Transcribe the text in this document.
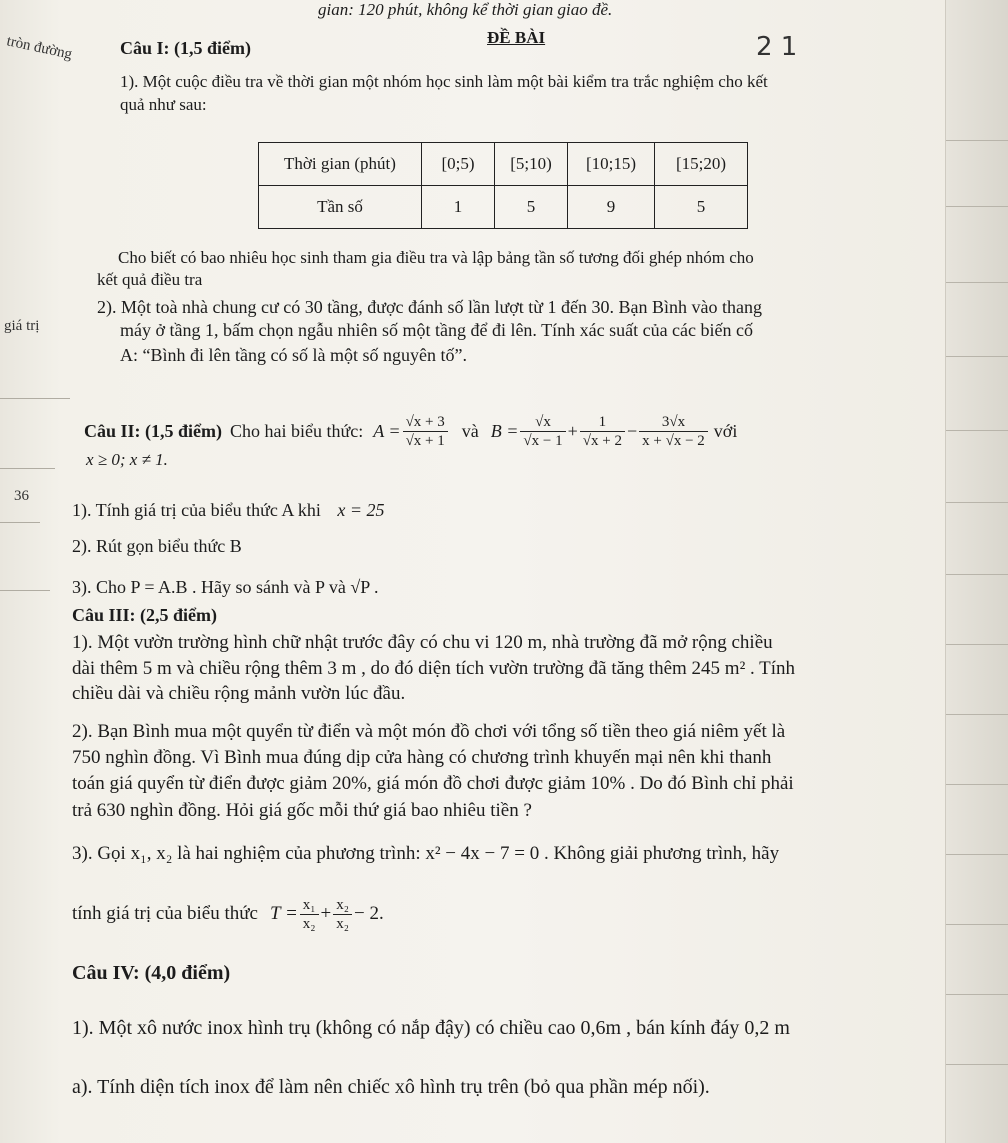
tròn đường
giá trị
36
gian: 120 phút, không kể thời gian giao đề.
ĐỀ BÀI	2 1
Câu I: (1,5 điểm)
1). Một cuộc điều tra về thời gian một nhóm học sinh làm một bài kiểm tra trắc nghiệm cho kết
quả như sau:
Thời gian (phút)	[0;5)	[5;10)	[10;15)	[15;20)
Tần số	1	5	9	5
Cho biết có bao nhiêu học sinh tham gia điều tra và lập bảng tần số tương đối ghép nhóm cho
kết quả điều tra
2). Một toà nhà chung cư có 30 tầng, được đánh số lần lượt từ 1 đến 30. Bạn Bình vào thang
máy ở tầng 1, bấm chọn ngẫu nhiên số một tầng để đi lên. Tính xác suất của các biến cố
A: “Bình đi lên tầng có số là một số nguyên tố”.
Câu II: (1,5 điểm) Cho hai biểu thức: $A = \frac{√x + 3}{√x + 1}$ và $B = \frac{√x}{√x - 1} + \frac{1}{√x + 2} - \frac{3√x}{x + √x - 2}$ với
x ≥ 0; x ≠ 1.
1). Tính giá trị của biểu thức A khi x = 25
2). Rút gọn biểu thức B
3). Cho P = A.B . Hãy so sánh và P và √P .
Câu III: (2,5 điểm)
1). Một vườn trường hình chữ nhật trước đây có chu vi 120 m, nhà trường đã mở rộng chiều
dài thêm 5 m và chiều rộng thêm 3 m , do đó diện tích vườn trường đã tăng thêm 245 m² . Tính
chiều dài và chiều rộng mảnh vườn lúc đầu.
2). Bạn Bình mua một quyển từ điển và một món đồ chơi với tổng số tiền theo giá niêm yết là
750 nghìn đồng. Vì Bình mua đúng dịp cửa hàng có chương trình khuyến mại nên khi thanh
toán giá quyển từ điển được giảm 20%, giá món đồ chơi được giảm 10% . Do đó Bình chỉ phải
trả 630 nghìn đồng. Hỏi giá gốc mỗi thứ giá bao nhiêu tiền ?
3). Gọi x₁, x₂ là hai nghiệm của phương trình: x² − 4x − 7 = 0 . Không giải phương trình, hãy
tính giá trị của biểu thức $T = \frac{\text{x₁}}{\text{x₂}} + \frac{\text{x₂}}{\text{x₂}} - 2$.
Câu IV: (4,0 điểm)
1). Một xô nước inox hình trụ (không có nắp đậy) có chiều cao 0,6m , bán kính đáy 0,2 m
a). Tính diện tích inox để làm nên chiếc xô hình trụ trên (bỏ qua phần mép nối).
